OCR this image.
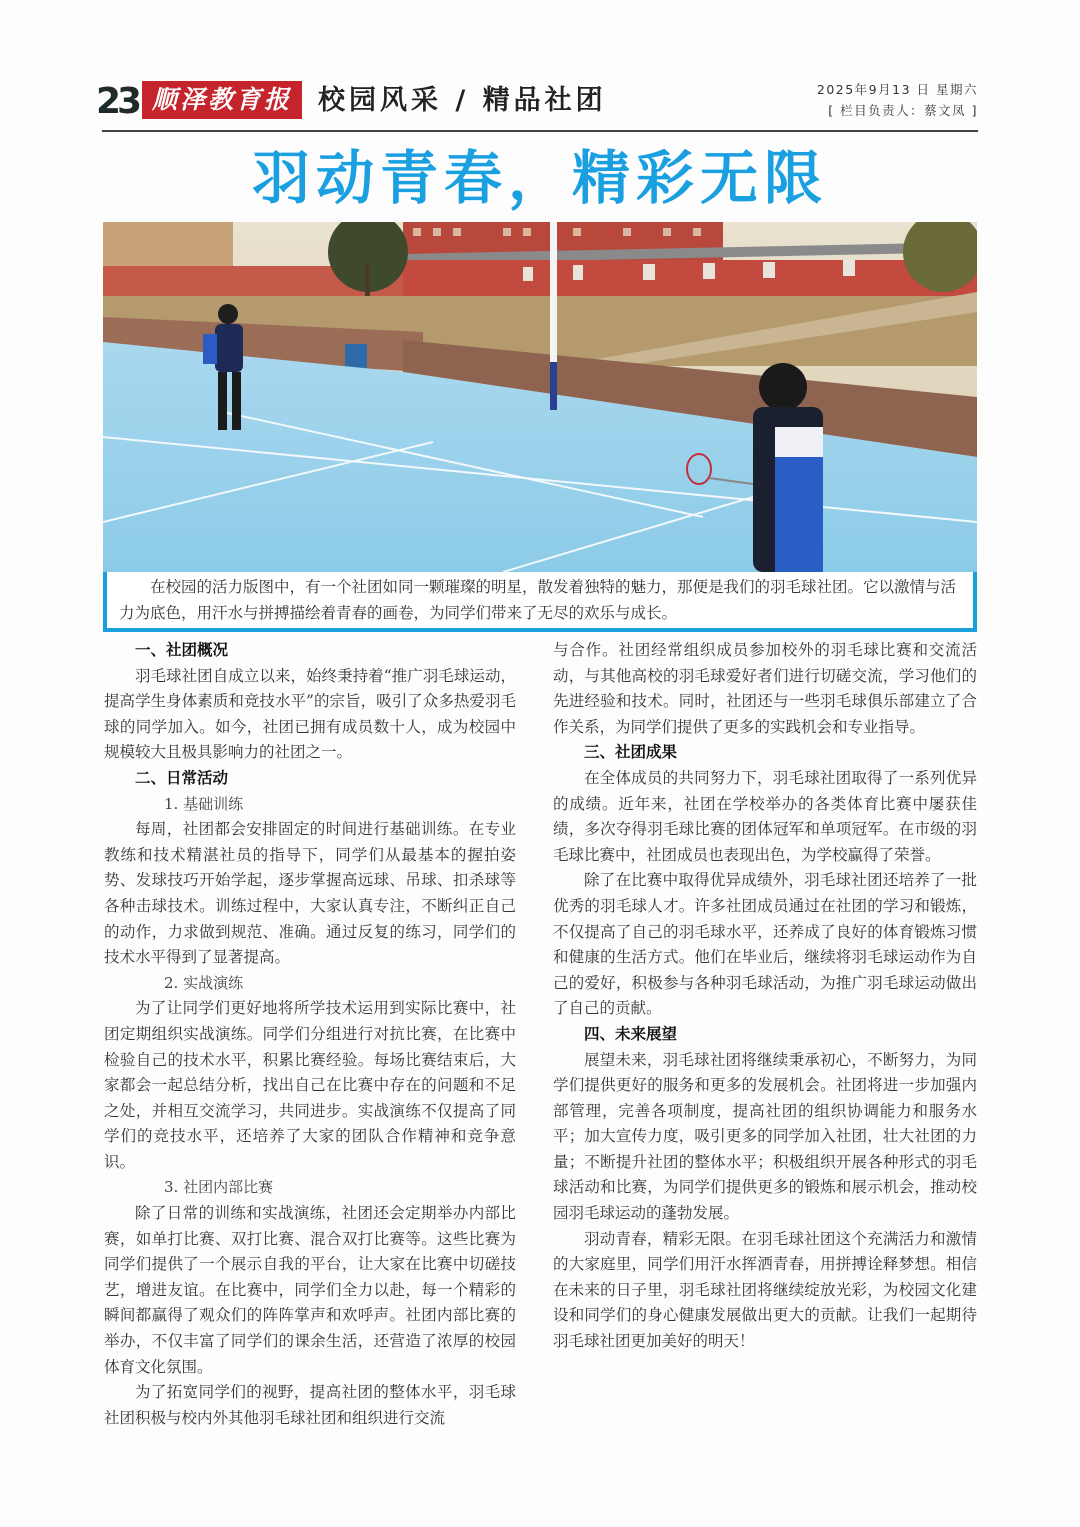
23 顺泽教育报 校园风采 / 精品社团	2025年9月13 日 星期六
[ 栏目负责人：蔡文凤 ]
羽动青春，精彩无限

在校园的活力版图中，有一个社团如同一颗璀璨的明星，散发着独特的魅力，那便是我们的羽毛球社团。它以激情与活力为底色，用汗水与拼搏描绘着青春的画卷，为同学们带来了无尽的欢乐与成长。

一、社团概况

羽毛球社团自成立以来，始终秉持着“推广羽毛球运动，提高学生身体素质和竞技水平”的宗旨，吸引了众多热爱羽毛球的同学加入。如今，社团已拥有成员数十人，成为校园中规模较大且极具影响力的社团之一。

二、日常活动

1. 基础训练

每周，社团都会安排固定的时间进行基础训练。在专业教练和技术精湛社员的指导下，同学们从最基本的握拍姿势、发球技巧开始学起，逐步掌握高远球、吊球、扣杀球等各种击球技术。训练过程中，大家认真专注，不断纠正自己的动作，力求做到规范、准确。通过反复的练习，同学们的技术水平得到了显著提高。

2. 实战演练

为了让同学们更好地将所学技术运用到实际比赛中，社团定期组织实战演练。同学们分组进行对抗比赛，在比赛中检验自己的技术水平，积累比赛经验。每场比赛结束后，大家都会一起总结分析，找出自己在比赛中存在的问题和不足之处，并相互交流学习，共同进步。实战演练不仅提高了同学们的竞技水平，还培养了大家的团队合作精神和竞争意识。

3. 社团内部比赛

除了日常的训练和实战演练，社团还会定期举办内部比赛，如单打比赛、双打比赛、混合双打比赛等。这些比赛为同学们提供了一个展示自我的平台，让大家在比赛中切磋技艺，增进友谊。在比赛中，同学们全力以赴，每一个精彩的瞬间都赢得了观众们的阵阵掌声和欢呼声。社团内部比赛的举办，不仅丰富了同学们的课余生活，还营造了浓厚的校园体育文化氛围。

为了拓宽同学们的视野，提高社团的整体水平，羽毛球社团积极与校内外其他羽毛球社团和组织进行交流

与合作。社团经常组织成员参加校外的羽毛球比赛和交流活动，与其他高校的羽毛球爱好者们进行切磋交流，学习他们的先进经验和技术。同时，社团还与一些羽毛球俱乐部建立了合作关系，为同学们提供了更多的实践机会和专业指导。

三、社团成果

在全体成员的共同努力下，羽毛球社团取得了一系列优异的成绩。近年来，社团在学校举办的各类体育比赛中屡获佳绩，多次夺得羽毛球比赛的团体冠军和单项冠军。在市级的羽毛球比赛中，社团成员也表现出色，为学校赢得了荣誉。

除了在比赛中取得优异成绩外，羽毛球社团还培养了一批优秀的羽毛球人才。许多社团成员通过在社团的学习和锻炼，不仅提高了自己的羽毛球水平，还养成了良好的体育锻炼习惯和健康的生活方式。他们在毕业后，继续将羽毛球运动作为自己的爱好，积极参与各种羽毛球活动，为推广羽毛球运动做出了自己的贡献。

四、未来展望

展望未来，羽毛球社团将继续秉承初心，不断努力，为同学们提供更好的服务和更多的发展机会。社团将进一步加强内部管理，完善各项制度，提高社团的组织协调能力和服务水平；加大宣传力度，吸引更多的同学加入社团，壮大社团的力量；不断提升社团的整体水平；积极组织开展各种形式的羽毛球活动和比赛，为同学们提供更多的锻炼和展示机会，推动校园羽毛球运动的蓬勃发展。

羽动青春，精彩无限。在羽毛球社团这个充满活力和激情的大家庭里，同学们用汗水挥洒青春，用拼搏诠释梦想。相信在未来的日子里，羽毛球社团将继续绽放光彩，为校园文化建设和同学们的身心健康发展做出更大的贡献。让我们一起期待羽毛球社团更加美好的明天！
